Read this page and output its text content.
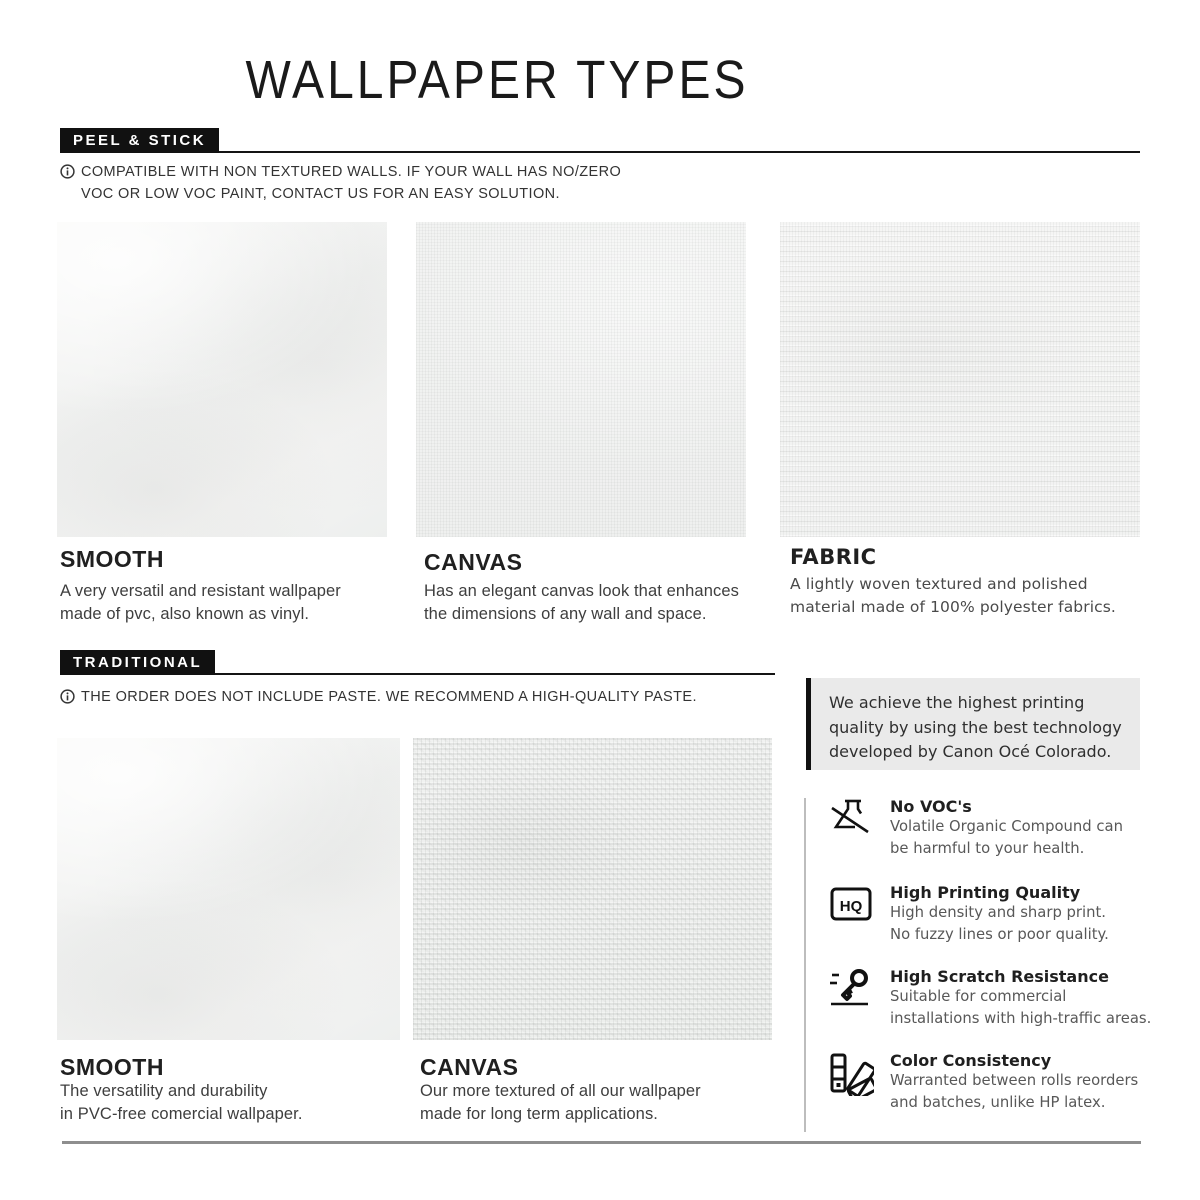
WALLPAPER TYPES
PEEL & STICK
COMPATIBLE WITH NON TEXTURED WALLS. IF YOUR WALL HAS NO/ZERO
VOC OR LOW VOC PAINT, CONTACT US FOR AN EASY SOLUTION.
SMOOTH
A very versatil and resistant wallpaper
made of pvc, also known as vinyl.
CANVAS
Has an elegant canvas look that enhances
the dimensions of any wall and space.
FABRIC
A lightly woven textured and polished
material made of 100% polyester fabrics.
TRADITIONAL
THE ORDER DOES NOT INCLUDE PASTE. WE RECOMMEND A HIGH-QUALITY PASTE.
SMOOTH
The versatility and durability
in PVC-free comercial wallpaper.
CANVAS
Our more textured of all our wallpaper
made for long term applications.
We achieve the highest printing
quality by using the best technology
developed by Canon Océ Colorado.
No VOC's
Volatile Organic Compound can
be harmful to your health.
HQ
High Printing Quality
High density and sharp print.
No fuzzy lines or poor quality.
High Scratch Resistance
Suitable for commercial
installations with high-traffic areas.
Color Consistency
Warranted between rolls reorders
and batches, unlike HP latex.
